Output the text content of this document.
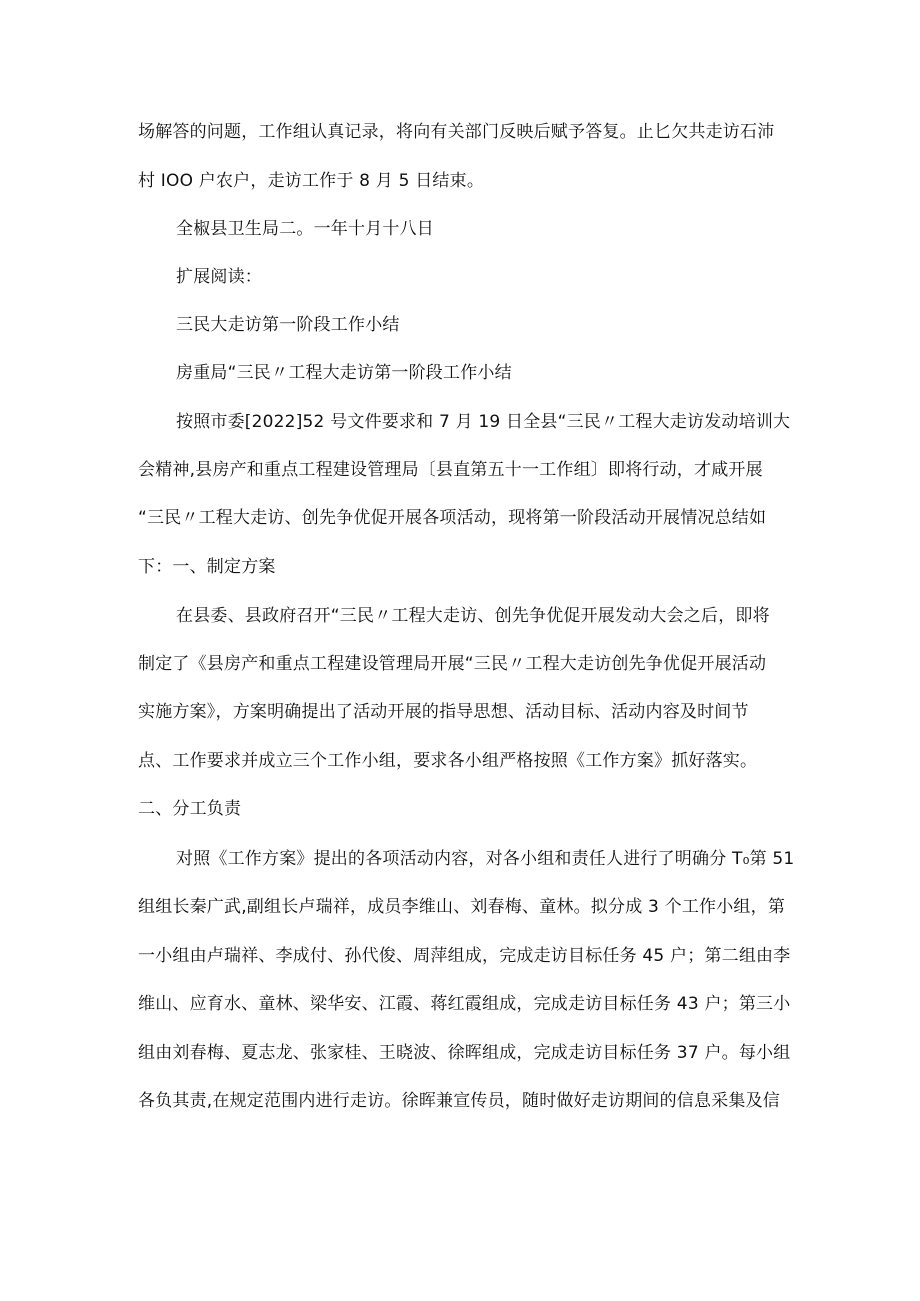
场解答的问题，工作组认真记录，将向有关部门反映后赋予答复。止匕欠共走访石沛
村 IOO 户农户，走访工作于 8 月 5 日结束。
全椒县卫生局二。一年十月十八日
扩展阅读：
三民大走访第一阶段工作小结
房重局“三民〃工程大走访第一阶段工作小结
按照市委[2022]52 号文件要求和 7 月 19 日全县“三民〃工程大走访发动培训大
会精神,县房产和重点工程建设管理局〔县直第五十一工作组〕即将行动，才咸开展
“三民〃工程大走访、创先争优促开展各项活动，现将第一阶段活动开展情况总结如
下：一、制定方案
在县委、县政府召开“三民〃工程大走访、创先争优促开展发动大会之后，即将
制定了《县房产和重点工程建设管理局开展“三民〃工程大走访创先争优促开展活动
实施方案》，方案明确提出了活动开展的指导思想、活动目标、活动内容及时间节
点、工作要求并成立三个工作小组，要求各小组严格按照《工作方案》抓好落实。
二、分工负责
对照《工作方案》提出的各项活动内容，对各小组和责任人进行了明确分 T₀第 51
组组长秦广武,副组长卢瑞祥，成员李维山、刘春梅、童林。拟分成 3 个工作小组，第
一小组由卢瑞祥、李成付、孙代俊、周萍组成，完成走访目标任务 45 户；第二组由李
维山、应育水、童林、梁华安、江霞、蒋红霞组成，完成走访目标任务 43 户；第三小
组由刘春梅、夏志龙、张家桂、王晓波、徐晖组成，完成走访目标任务 37 户。每小组
各负其责,在规定范围内进行走访。徐晖兼宣传员，随时做好走访期间的信息采集及信
